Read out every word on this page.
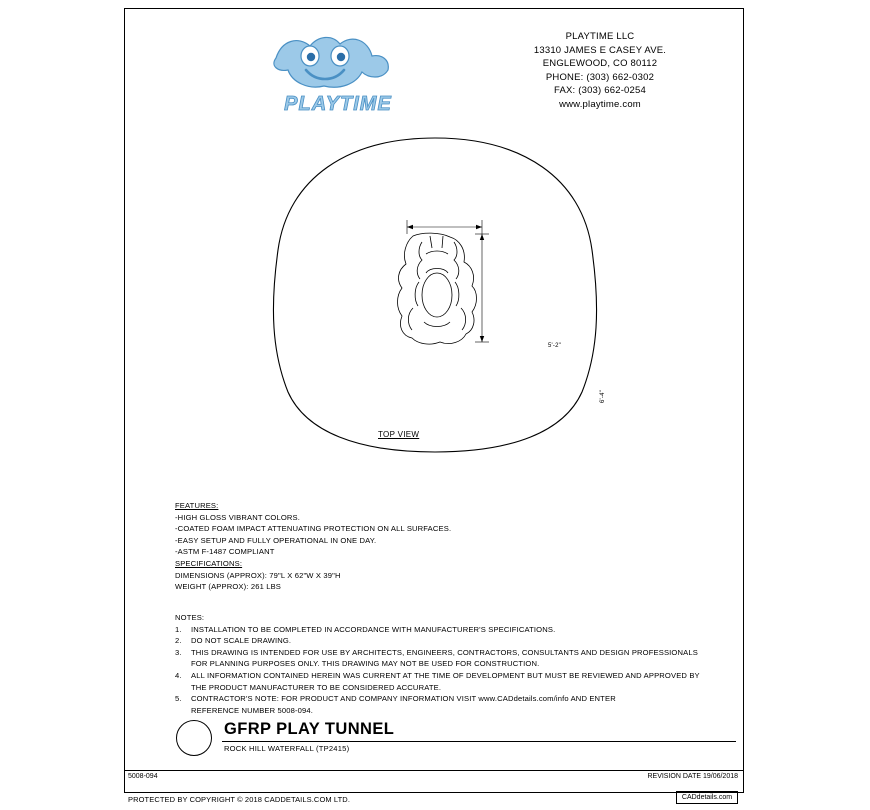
PLAYTIME
PLAYTIME LLC
13310 JAMES E CASEY AVE.
ENGLEWOOD, CO 80112
PHONE: (303) 662-0302
FAX: (303) 662-0254
www.playtime.com
5'-2"
6'-4"
TOP VIEW
FEATURES:
-HIGH GLOSS VIBRANT COLORS.
-COATED FOAM IMPACT ATTENUATING PROTECTION ON ALL SURFACES.
-EASY SETUP AND FULLY OPERATIONAL IN ONE DAY.
-ASTM F-1487 COMPLIANT
SPECIFICATIONS:
DIMENSIONS (APPROX): 79"L X 62"W X 39"H
WEIGHT (APPROX): 261 LBS
NOTES:
1.	INSTALLATION TO BE COMPLETED IN ACCORDANCE WITH MANUFACTURER'S SPECIFICATIONS.
2.	DO NOT SCALE DRAWING.
3.	THIS DRAWING IS INTENDED FOR USE BY ARCHITECTS, ENGINEERS, CONTRACTORS, CONSULTANTS AND DESIGN PROFESSIONALS
FOR PLANNING PURPOSES ONLY. THIS DRAWING MAY NOT BE USED FOR CONSTRUCTION.
4.	ALL INFORMATION CONTAINED HEREIN WAS CURRENT AT THE TIME OF DEVELOPMENT BUT MUST BE REVIEWED AND APPROVED BY
THE PRODUCT MANUFACTURER TO BE CONSIDERED ACCURATE.
5.	CONTRACTOR'S NOTE: FOR PRODUCT AND COMPANY INFORMATION VISIT www.CADdetails.com/info AND ENTER
REFERENCE NUMBER 5008-094.
GFRP PLAY TUNNEL
ROCK HILL WATERFALL (TP2415)
5008-094	REVISION DATE 19/06/2018
PROTECTED BY COPYRIGHT © 2018 CADDETAILS.COM LTD.	CADdetails.com
